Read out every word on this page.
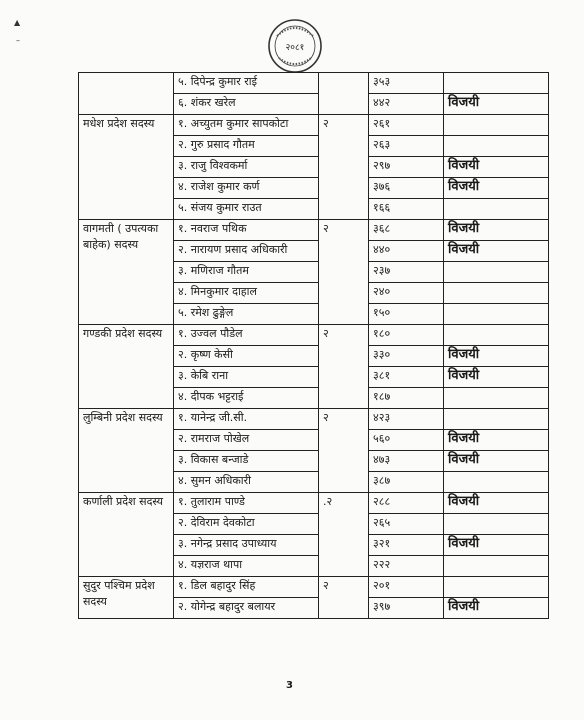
▲
–
२०८१
	५. दिपेन्द्र कुमार राई		३५३	
	६. शंकर खरेल		४४२	विजयी
मधेश प्रदेश सदस्य	१. अच्युतम कुमार सापकोटा	२	२६१	
	२. गुरु प्रसाद गौतम		२६३	
	३. राजु विश्वकर्मा		२९७	विजयी
	४. राजेश कुमार कर्ण		३७६	विजयी
	५. संजय कुमार राउत		१६६	
वागमती ( उपत्यका बाहेक) सदस्य	१. नवराज पथिक	२	३६८	विजयी
	२. नारायण प्रसाद अधिकारी		४४०	विजयी
	३. मणिराज गौतम		२३७	
	४. मिनकुमार दाहाल		२४०	
	५. रमेश ढुङ्गेल		१५०	
गण्डकी प्रदेश सदस्य	१. उज्वल पौडेल	२	१८०	
	२. कृष्ण केसी		३३०	विजयी
	३. केबि राना		३८१	विजयी
	४. दीपक भट्टराई		१८७	
लुम्बिनी प्रदेश सदस्य	१. यानेन्द्र जी.सी.	२	४२३	
	२. रामराज पोखेल		५६०	विजयी
	३. विकास बन्जाडे		४७३	विजयी
	४. सुमन अधिकारी		३८७	
कर्णाली प्रदेश सदस्य	१. तुलाराम पाण्डे	.२	२८८	विजयी
	२. देविराम देवकोटा		२६५	
	३. नगेन्द्र प्रसाद उपाध्याय		३२१	विजयी
	४. यज्ञराज थापा		२२२	
सुदुर पश्चिम प्रदेश सदस्य	१. डिल बहादुर सिंह	२	२०१	
	२. योगेन्द्र बहादुर बलायर		३९७	विजयी
3
